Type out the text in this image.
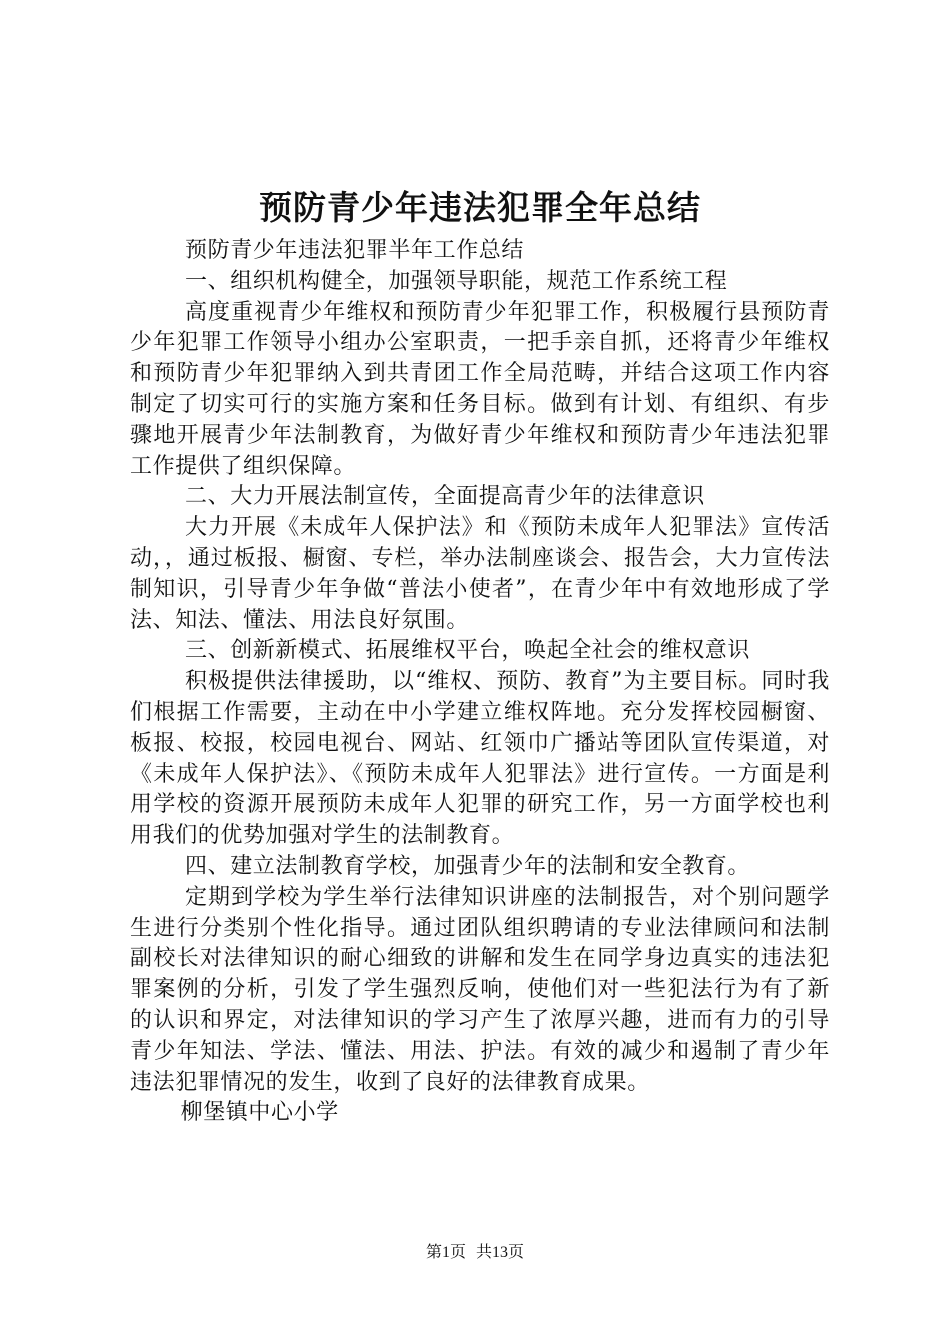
预防青少年违法犯罪全年总结

预防青少年违法犯罪半年工作总结

一、组织机构健全，加强领导职能，规范工作系统工程

高度重视青少年维权和预防青少年犯罪工作，积极履行县预防青少年犯罪工作领导小组办公室职责，一把手亲自抓，还将青少年维权和预防青少年犯罪纳入到共青团工作全局范畴，并结合这项工作内容制定了切实可行的实施方案和任务目标。做到有计划、有组织、有步骤地开展青少年法制教育，为做好青少年维权和预防青少年违法犯罪工作提供了组织保障。

二、大力开展法制宣传，全面提高青少年的法律意识

大力开展《未成年人保护法》和《预防未成年人犯罪法》宣传活动，，通过板报、橱窗、专栏，举办法制座谈会、报告会，大力宣传法制知识，引导青少年争做“普法小使者”，在青少年中有效地形成了学法、知法、懂法、用法良好氛围。

三、创新新模式、拓展维权平台，唤起全社会的维权意识

积极提供法律援助，以“维权、预防、教育”为主要目标。同时我们根据工作需要，主动在中小学建立维权阵地。充分发挥校园橱窗、板报、校报，校园电视台、网站、红领巾广播站等团队宣传渠道，对《未成年人保护法》、《预防未成年人犯罪法》进行宣传。一方面是利用学校的资源开展预防未成年人犯罪的研究工作，另一方面学校也利用我们的优势加强对学生的法制教育。

四、建立法制教育学校，加强青少年的法制和安全教育。

定期到学校为学生举行法律知识讲座的法制报告，对个别问题学生进行分类别个性化指导。通过团队组织聘请的专业法律顾问和法制副校长对法律知识的耐心细致的讲解和发生在同学身边真实的违法犯罪案例的分析，引发了学生强烈反响，使他们对一些犯法行为有了新的认识和界定，对法律知识的学习产生了浓厚兴趣，进而有力的引导青少年知法、学法、懂法、用法、护法。有效的减少和遏制了青少年违法犯罪情况的发生，收到了良好的法律教育成果。

柳堡镇中心小学

第1页 共13页
